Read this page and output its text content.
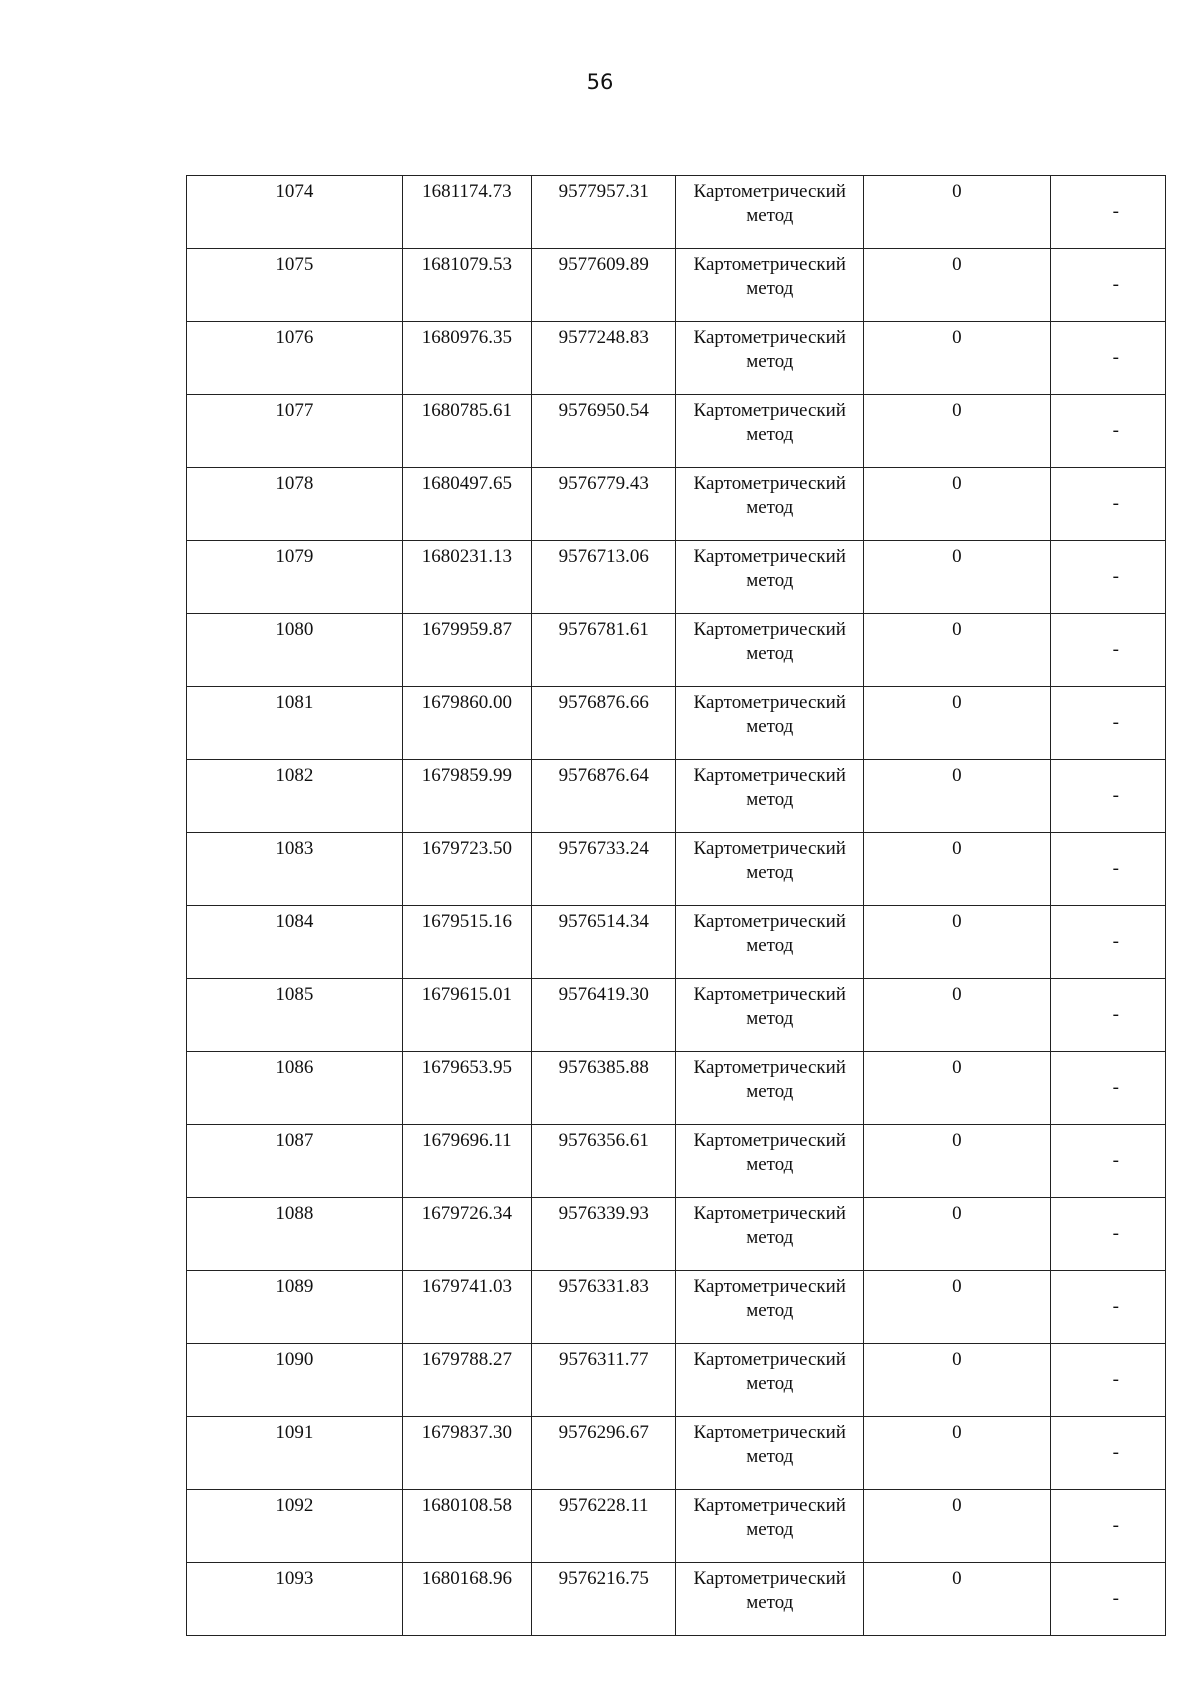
56
1074	1681174.73	9577957.31	Картометрический метод	0	-
1075	1681079.53	9577609.89	Картометрический метод	0	-
1076	1680976.35	9577248.83	Картометрический метод	0	-
1077	1680785.61	9576950.54	Картометрический метод	0	-
1078	1680497.65	9576779.43	Картометрический метод	0	-
1079	1680231.13	9576713.06	Картометрический метод	0	-
1080	1679959.87	9576781.61	Картометрический метод	0	-
1081	1679860.00	9576876.66	Картометрический метод	0	-
1082	1679859.99	9576876.64	Картометрический метод	0	-
1083	1679723.50	9576733.24	Картометрический метод	0	-
1084	1679515.16	9576514.34	Картометрический метод	0	-
1085	1679615.01	9576419.30	Картометрический метод	0	-
1086	1679653.95	9576385.88	Картометрический метод	0	-
1087	1679696.11	9576356.61	Картометрический метод	0	-
1088	1679726.34	9576339.93	Картометрический метод	0	-
1089	1679741.03	9576331.83	Картометрический метод	0	-
1090	1679788.27	9576311.77	Картометрический метод	0	-
1091	1679837.30	9576296.67	Картометрический метод	0	-
1092	1680108.58	9576228.11	Картометрический метод	0	-
1093	1680168.96	9576216.75	Картометрический метод	0	-
